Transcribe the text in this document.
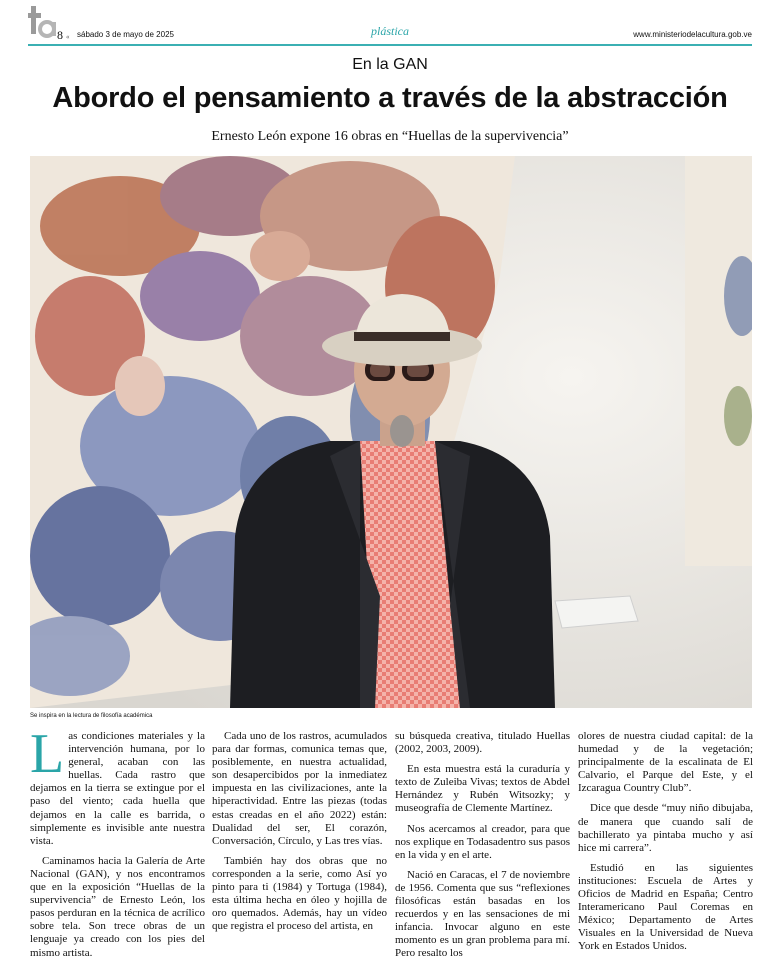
8 « sábado 3 de mayo de 2025	plástica	www.ministeriodelacultura.gob.ve
En la GAN
Abordo el pensamiento a través de la abstracción
Ernesto León expone 16 obras en “Huellas de la supervivencia”
Se inspira en la lectura de filosofía académica

Las condiciones materiales y la intervención humana, por lo general, acaban con las huellas. Cada rastro que dejamos en la tierra se extingue por el paso del viento; cada huella que dejamos en la calle es barrida, o simplemente es invisible ante nuestra vista.

Caminamos hacia la Galería de Arte Nacional (GAN), y nos encontramos que en la exposición “Huellas de la supervivencia” de Ernesto León, los pasos perduran en la técnica de acrílico sobre tela. Son trece obras de un lenguaje ya creado con los pies del mismo artista.

Cada uno de los rastros, acumulados para dar formas, comunica temas que, posiblemente, en nuestra actualidad, son desapercibidos por la inmediatez impuesta en las civilizaciones, ante la hiperactividad. Entre las piezas (todas estas creadas en el año 2022) están: Dualidad del ser, El corazón, Conversación, Círculo, y Las tres vías.

También hay dos obras que no corresponden a la serie, como Así yo pinto para ti (1984) y Tortuga (1984), esta última hecha en óleo y hojilla de oro quemados. Además, hay un vídeo que registra el proceso del artista, en

su búsqueda creativa, titulado Huellas (2002, 2003, 2009).

En esta muestra está la curaduría y texto de Zuleiba Vivas; textos de Abdel Hernández y Rubén Witsozky; y museografía de Clemente Martínez.

Nos acercamos al creador, para que nos explique en Todasadentro sus pasos en la vida y en el arte.

Nació en Caracas, el 7 de noviembre de 1956. Comenta que sus “reflexiones filosóficas están basadas en los recuerdos y en las sensaciones de mi infancia. Invocar alguno en este momento es un gran problema para mí. Pero resalto los

olores de nuestra ciudad capital: de la humedad y de la vegetación; principalmente de la escalinata de El Calvario, el Parque del Este, y el Izcaragua Country Club”.

Dice que desde “muy niño dibujaba, de manera que cuando salí de bachillerato ya pintaba mucho y así hice mi carrera”.

Estudió en las siguientes instituciones: Escuela de Artes y Oficios de Madrid en España; Centro Interamericano Paul Coremas en México; Departamento de Artes Visuales en la Universidad de Nueva York en Estados Unidos.
